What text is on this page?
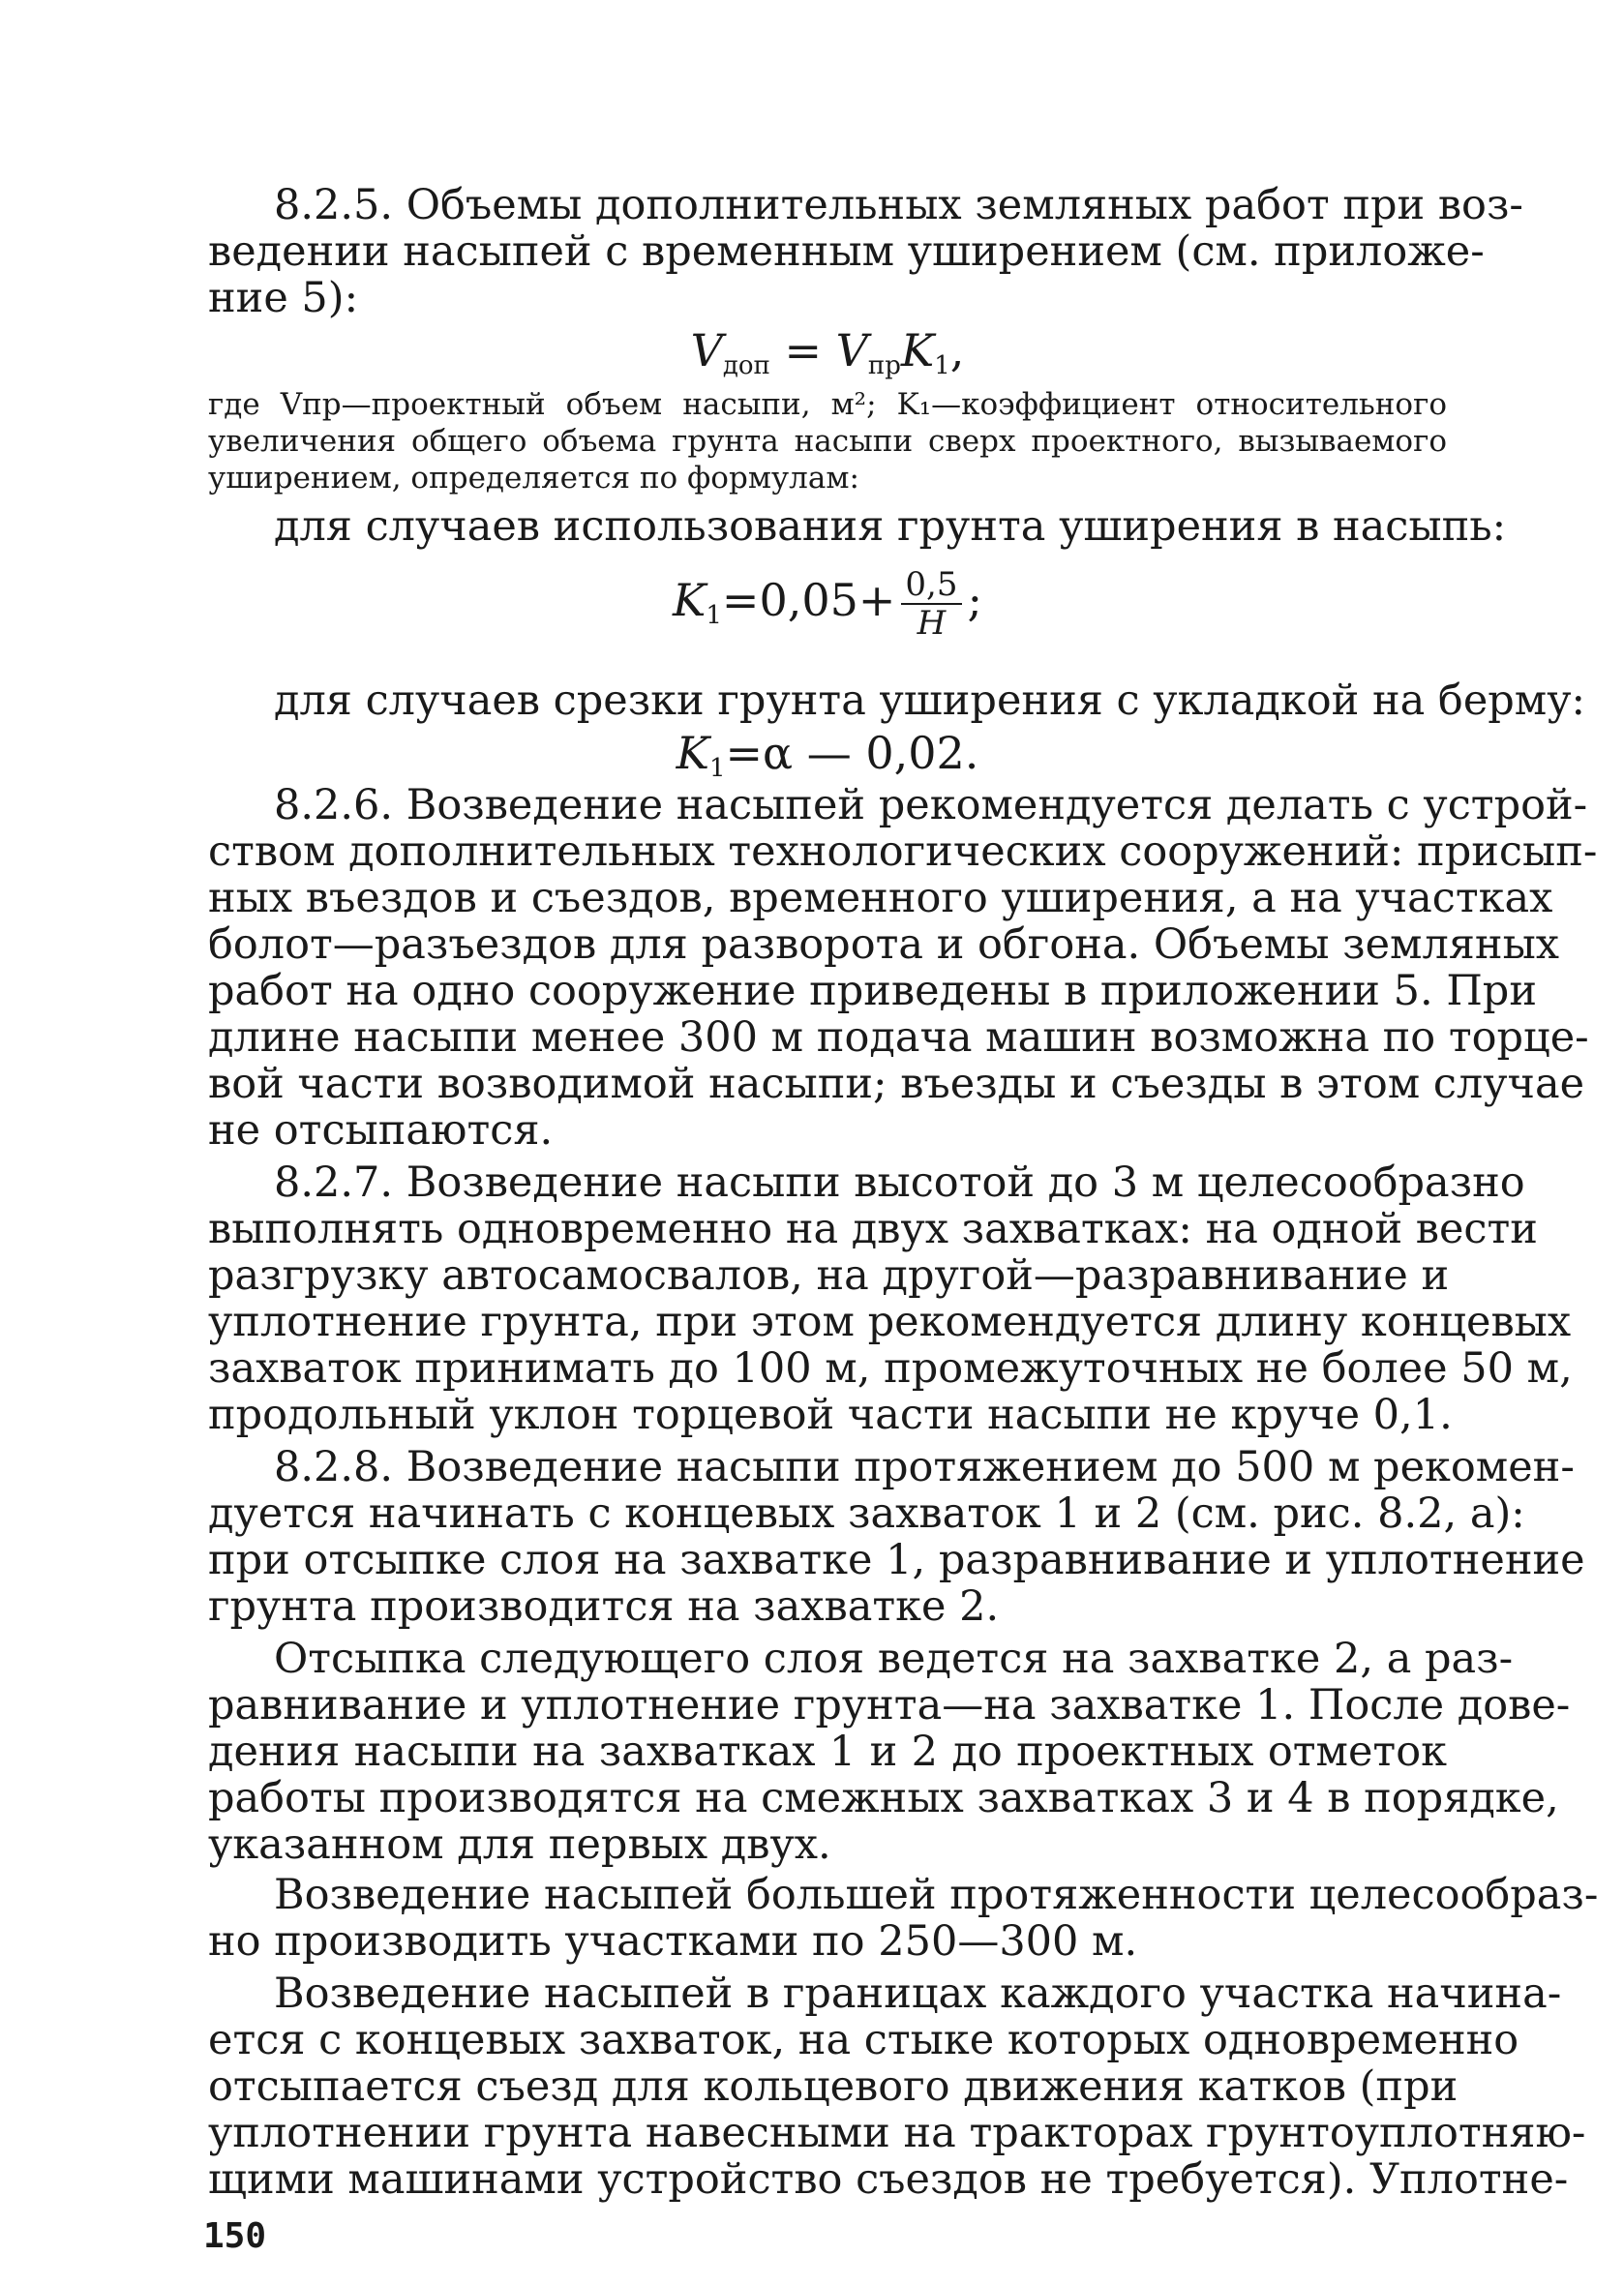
8.2.5. Объемы дополнительных земляных работ при воз-
ведении насыпей с временным уширением (см. приложе-
ние 5):
$V_{доп} = V_{пр}K_1$,
где Vпр—проектный объем насыпи, м²; K₁—коэффициент относительного
увеличения общего объема грунта насыпи сверх проектного, вызываемого
уширением, определяется по формулам:
для случаев использования грунта уширения в насыпь:
$K_1=0,05+ \frac{0,5}{H}$ ;
для случаев срезки грунта уширения с укладкой на берму:
$K_1=\alpha$ — 0,02.
8.2.6. Возведение насыпей рекомендуется делать с устрой-
ством дополнительных технологических сооружений: присып-
ных въездов и съездов, временного уширения, а на участках
болот—разъездов для разворота и обгона. Объемы земляных
работ на одно сооружение приведены в приложении 5. При
длине насыпи менее 300 м подача машин возможна по торце-
вой части возводимой насыпи; въезды и съезды в этом случае
не отсыпаются.
8.2.7. Возведение насыпи высотой до 3 м целесообразно
выполнять одновременно на двух захватках: на одной вести
разгрузку автосамосвалов, на другой—разравнивание и
уплотнение грунта, при этом рекомендуется длину концевых
захваток принимать до 100 м, промежуточных не более 50 м,
продольный уклон торцевой части насыпи не круче 0,1.
8.2.8. Возведение насыпи протяжением до 500 м рекомен-
дуется начинать с концевых захваток 1 и 2 (см. рис. 8.2, а):
при отсыпке слоя на захватке 1, разравнивание и уплотнение
грунта производится на захватке 2.
Отсыпка следующего слоя ведется на захватке 2, а раз-
равнивание и уплотнение грунта—на захватке 1. После дове-
дения насыпи на захватках 1 и 2 до проектных отметок
работы производятся на смежных захватках 3 и 4 в порядке,
указанном для первых двух.
Возведение насыпей большей протяженности целесообраз-
но производить участками по 250—300 м.
Возведение насыпей в границах каждого участка начина-
ется с концевых захваток, на стыке которых одновременно
отсыпается съезд для кольцевого движения катков (при
уплотнении грунта навесными на тракторах грунтоуплотняю-
щими машинами устройство съездов не требуется). Уплотне-
150
